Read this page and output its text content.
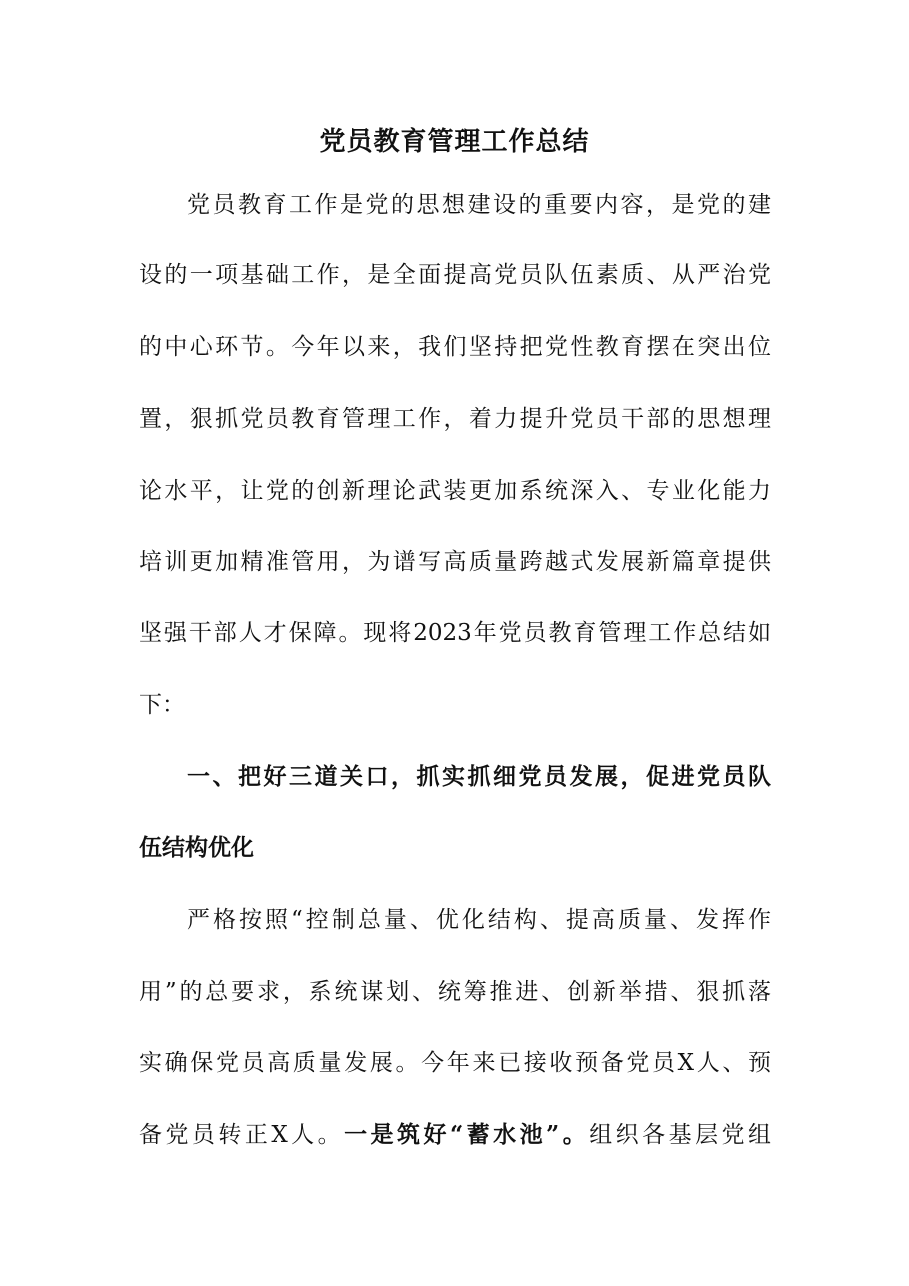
党员教育管理工作总结
党员教育工作是党的思想建设的重要内容，是党的建
设的一项基础工作，是全面提高党员队伍素质、从严治党
的中心环节。今年以来，我们坚持把党性教育摆在突出位
置，狠抓党员教育管理工作，着力提升党员干部的思想理
论水平，让党的创新理论武装更加系统深入、专业化能力
培训更加精准管用，为谱写高质量跨越式发展新篇章提供
坚强干部人才保障。现将2023年党员教育管理工作总结如
下：
一、把好三道关口，抓实抓细党员发展，促进党员队
伍结构优化
严格按照“控制总量、优化结构、提高质量、发挥作
用”的总要求，系统谋划、统筹推进、创新举措、狠抓落
实确保党员高质量发展。今年来已接收预备党员X人、预
备党员转正X人。一是筑好“蓄水池”。组织各基层党组
